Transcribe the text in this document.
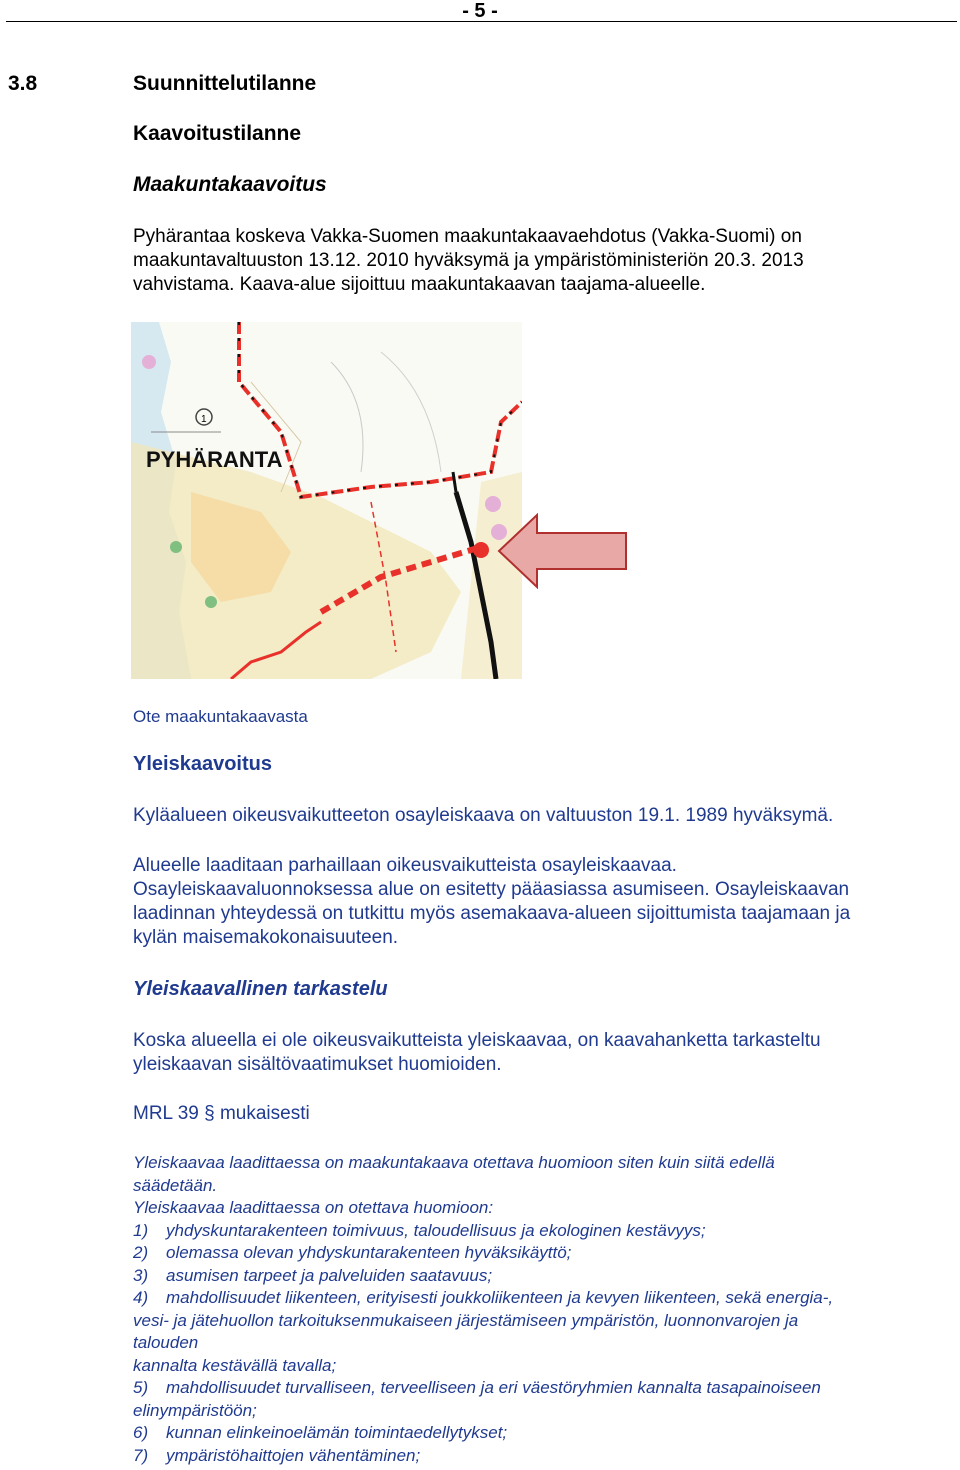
- 5 -
3.8	Suunnittelutilanne
Kaavoitustilanne
Maakuntakaavoitus
Pyhärantaa koskeva Vakka-Suomen maakuntakaavaehdotus (Vakka-Suomi) on
maakuntavaltuuston 13.12. 2010 hyväksymä ja ympäristöministeriön 20.3. 2013
vahvistama. Kaava-alue sijoittuu maakuntakaavan taajama-alueelle.
1
PYHÄRANTA
Ote maakuntakaavasta
Yleiskaavoitus
Kyläalueen oikeusvaikutteeton osayleiskaava on valtuuston 19.1. 1989 hyväksymä.
Alueelle laaditaan parhaillaan oikeusvaikutteista osayleiskaavaa.
Osayleiskaavaluonnoksessa alue on esitetty pääasiassa asumiseen. Osayleiskaavan
laadinnan yhteydessä on tutkittu myös asemakaava-alueen sijoittumista taajamaan ja
kylän maisemakokonaisuuteen.
Yleiskaavallinen tarkastelu
Koska alueella ei ole oikeusvaikutteista yleiskaavaa, on kaavahanketta tarkasteltu
yleiskaavan sisältövaatimukset huomioiden.
MRL 39 § mukaisesti
Yleiskaavaa laadittaessa on maakuntakaava otettava huomioon siten kuin siitä edellä
säädetään.
Yleiskaavaa laadittaessa on otettava huomioon:
1)	yhdyskuntarakenteen toimivuus, taloudellisuus ja ekologinen kestävyys;
2)	olemassa olevan yhdyskuntarakenteen hyväksikäyttö;
3)	asumisen tarpeet ja palveluiden saatavuus;
4)	mahdollisuudet liikenteen, erityisesti joukkoliikenteen ja kevyen liikenteen, sekä energia-,
vesi- ja jätehuollon tarkoituksenmukaiseen järjestämiseen ympäristön, luonnonvarojen ja
talouden
kannalta kestävällä tavalla;
5)	mahdollisuudet turvalliseen, terveelliseen ja eri väestöryhmien kannalta tasapainoiseen
elinympäristöön;
6)	kunnan elinkeinoelämän toimintaedellytykset;
7)	ympäristöhaittojen vähentäminen;
